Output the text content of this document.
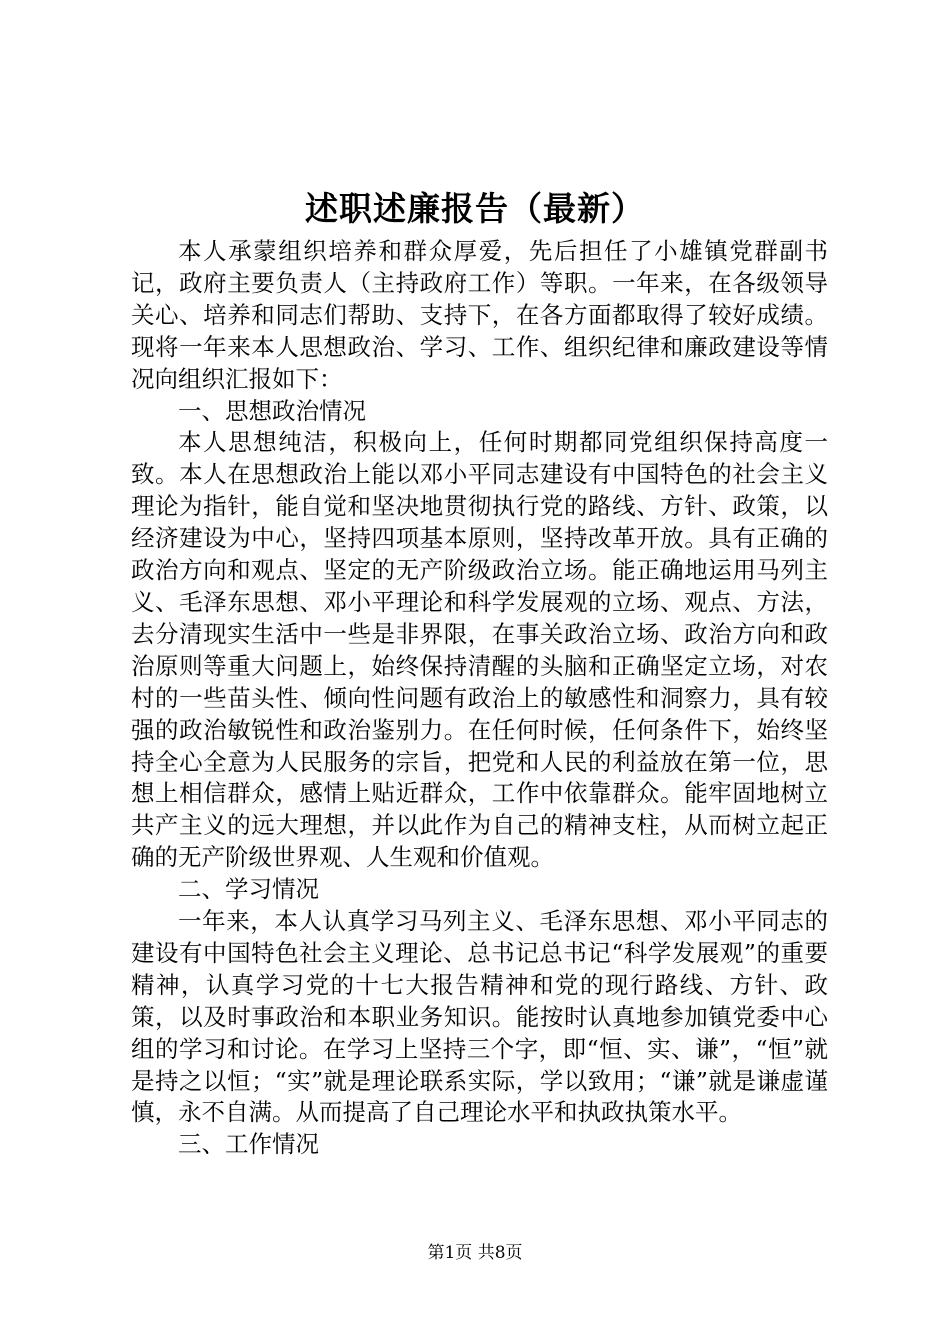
述职述廉报告（最新）

本人承蒙组织培养和群众厚爱，先后担任了小雄镇党群副书记，政府主要负责人（主持政府工作）等职。一年来，在各级领导关心、培养和同志们帮助、支持下，在各方面都取得了较好成绩。现将一年来本人思想政治、学习、工作、组织纪律和廉政建设等情况向组织汇报如下：

一、思想政治情况

本人思想纯洁，积极向上，任何时期都同党组织保持高度一致。本人在思想政治上能以邓小平同志建设有中国特色的社会主义理论为指针，能自觉和坚决地贯彻执行党的路线、方针、政策，以经济建设为中心，坚持四项基本原则，坚持改革开放。具有正确的政治方向和观点、坚定的无产阶级政治立场。能正确地运用马列主义、毛泽东思想、邓小平理论和科学发展观的立场、观点、方法，去分清现实生活中一些是非界限，在事关政治立场、政治方向和政治原则等重大问题上，始终保持清醒的头脑和正确坚定立场，对农村的一些苗头性、倾向性问题有政治上的敏感性和洞察力，具有较强的政治敏锐性和政治鉴别力。在任何时候，任何条件下，始终坚持全心全意为人民服务的宗旨，把党和人民的利益放在第一位，思想上相信群众，感情上贴近群众，工作中依靠群众。能牢固地树立共产主义的远大理想，并以此作为自己的精神支柱，从而树立起正确的无产阶级世界观、人生观和价值观。

二、学习情况

一年来，本人认真学习马列主义、毛泽东思想、邓小平同志的建设有中国特色社会主义理论、总书记总书记“科学发展观”的重要精神，认真学习党的十七大报告精神和党的现行路线、方针、政策，以及时事政治和本职业务知识。能按时认真地参加镇党委中心组的学习和讨论。在学习上坚持三个字，即“恒、实、谦”，“恒”就是持之以恒；“实”就是理论联系实际，学以致用；“谦”就是谦虚谨慎，永不自满。从而提高了自己理论水平和执政执策水平。

三、工作情况

第1页 共8页
